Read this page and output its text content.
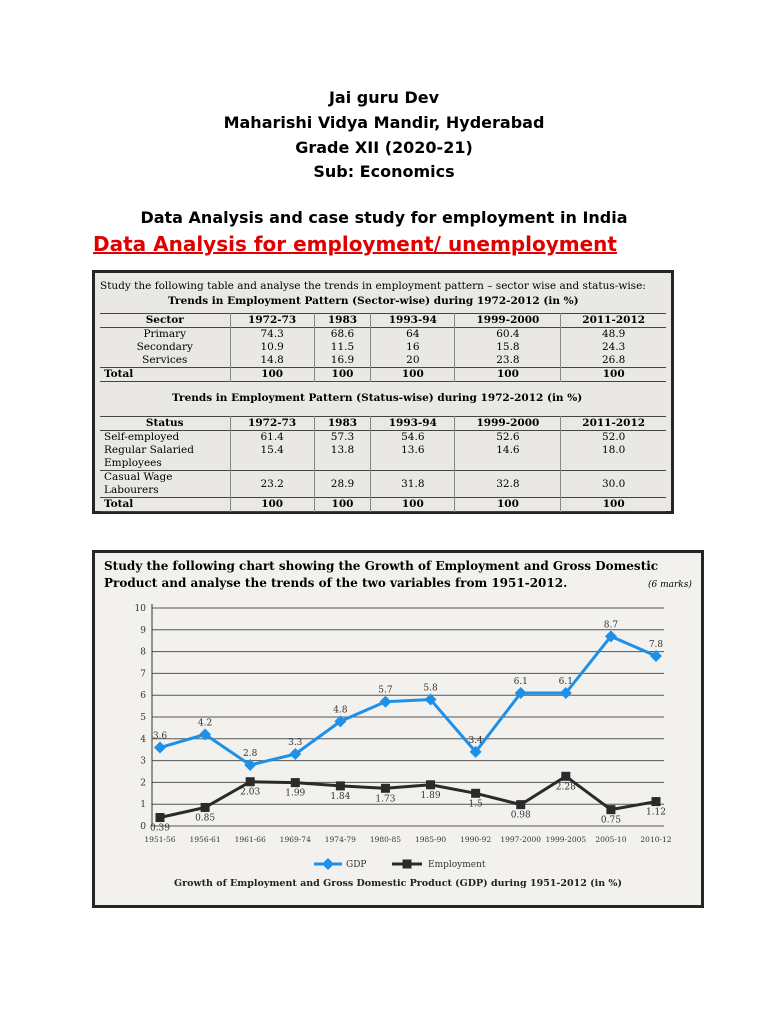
Jai guru Dev
Maharishi Vidya Mandir, Hyderabad
Grade XII (2020-21)
Sub: Economics
Data Analysis and case study for employment in India
Data Analysis for employment/ unemployment
Study the following table and analyse the trends in employment pattern – sector wise and status-wise:
Trends in Employment Pattern (Sector-wise) during 1972-2012 (in %)
Sector	1972-73	1983	1993-94	1999-2000	2011-2012
Primary	74.3	68.6	64	60.4	48.9
Secondary	10.9	11.5	16	15.8	24.3
Services	14.8	16.9	20	23.8	26.8
Total	100	100	100	100	100
Trends in Employment Pattern (Status-wise) during 1972-2012 (in %)
Status	1972-73	1983	1993-94	1999-2000	2011-2012
Self-employed	61.4	57.3	54.6	52.6	52.0
Regular Salaried	15.4	13.8	13.6	14.6	18.0
Employees					
Casual Wage Labourers	23.2	28.9	31.8	32.8	30.0
Total	100	100	100	100	100
Study the following chart showing the Growth of Employment and Gross Domestic Product and analyse the trends of the two variables from 1951-2012.	(6 marks)
0
1
2
3
4
5
6
7
8
9
10
1951-56 1956-61 1961-66 1969-74 1974-79 1980-85 1985-90 1990-92 1997-2000 1999-2005 2005-10 2010-12
3.6
4.2
2.8
3.3
4.8
5.7	5.8
3.4
6.1	6.1
8.7
7.8
0.39
0.85
2.03	1.99	1.84	1.73	1.89
1.5
0.98
2.28
0.75
1.12
GDP	Employment
Growth of Employment and Gross Domestic Product (GDP) during 1951-2012 (in %)
